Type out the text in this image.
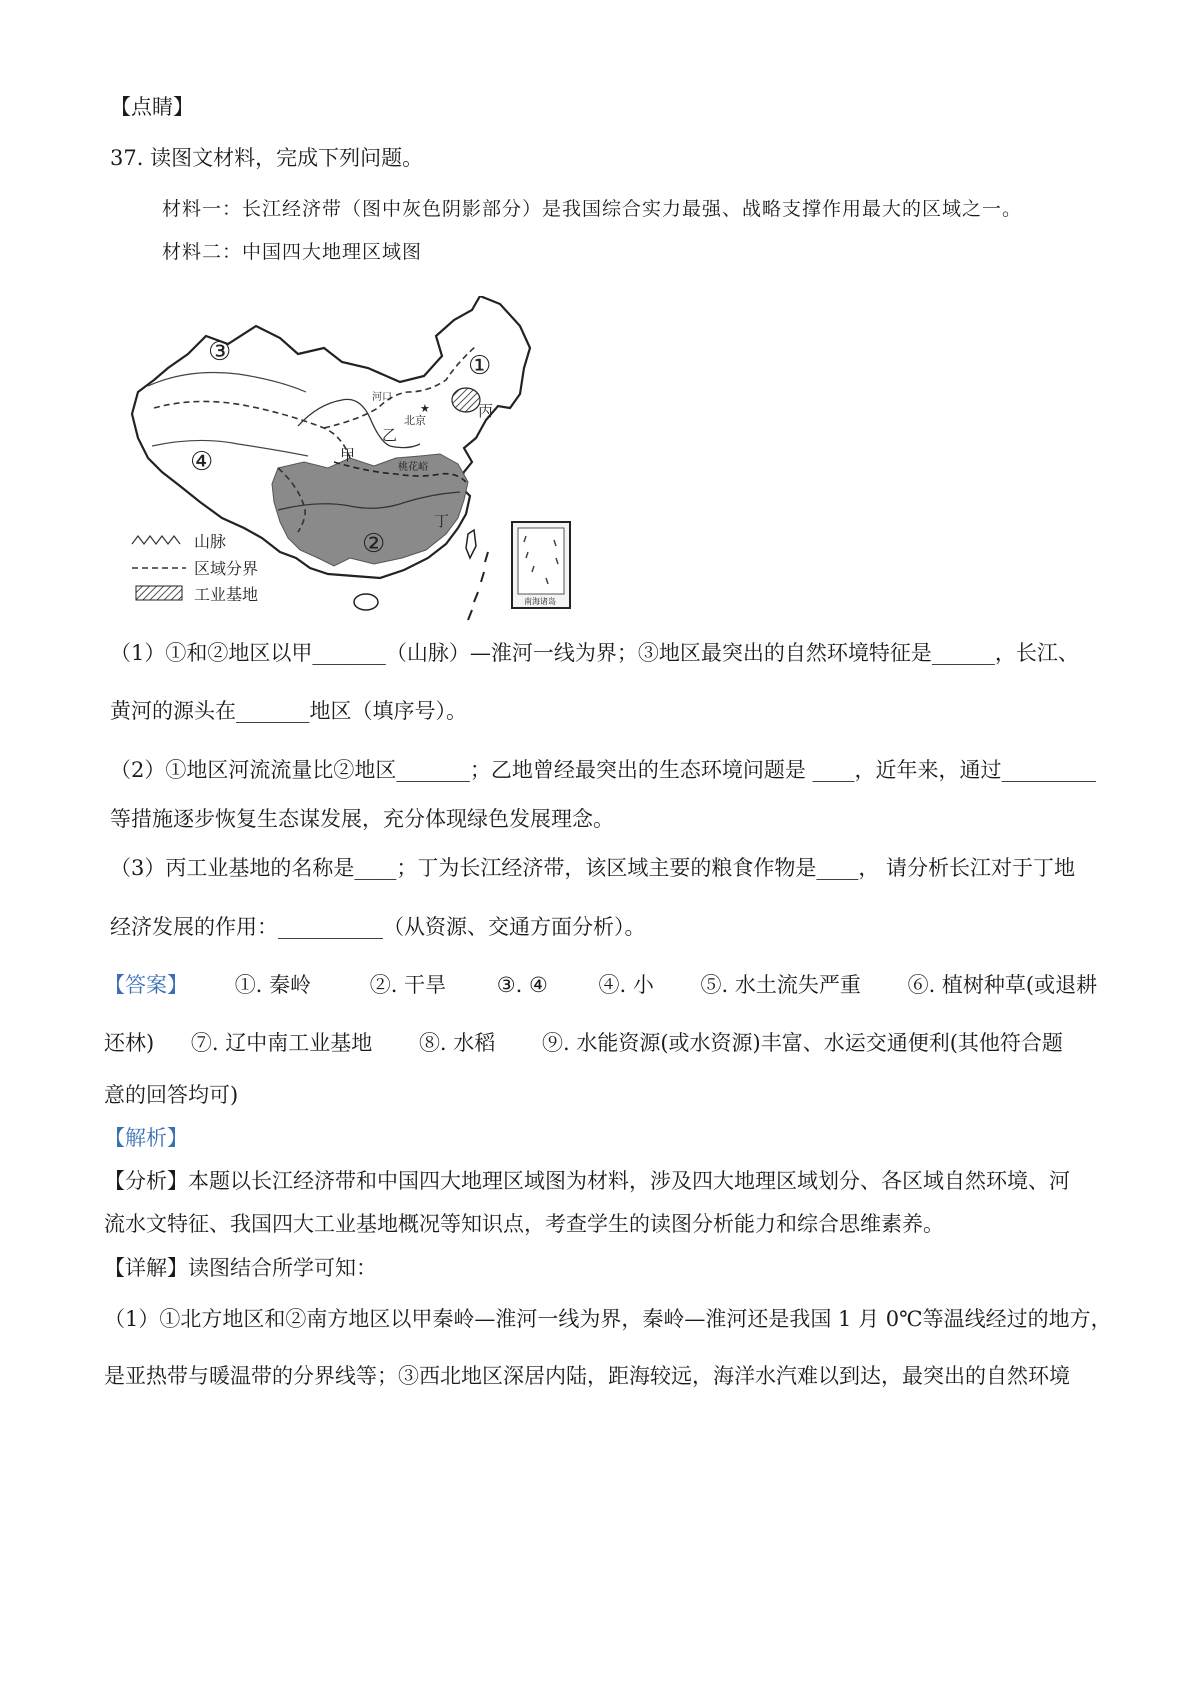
【点睛】
37. 读图文材料，完成下列问题。
材料一：长江经济带（图中灰色阴影部分）是我国综合实力最强、战略支撑作用最大的区域之一。
材料二：中国四大地理区域图
★
①
②
③
④
河口
北京
乙
甲
桃花峪
丁
丙
山脉
区域分界
工业基地	南海诸岛
（1）①和②地区以甲_______（山脉）—淮河一线为界；③地区最突出的自然环境特征是______，长江、
黄河的源头在_______地区（填序号）。
（2）①地区河流流量比②地区_______；乙地曾经最突出的生态环境问题是 ____，近年来，通过_________
等措施逐步恢复生态谋发展，充分体现绿色发展理念。
（3）丙工业基地的名称是____；丁为长江经济带，该区域主要的粮食作物是____， 请分析长江对于丁地
经济发展的作用：__________（从资源、交通方面分析）。
【答案】 ①. 秦岭	②. 干旱 ③. ④ ④. 小 ⑤. 水土流失严重 ⑥. 植树种草(或退耕
还林) ⑦. 辽中南工业基地 ⑧. 水稻 ⑨. 水能资源(或水资源)丰富、水运交通便利(其他符合题
意的回答均可)
【解析】
【分析】本题以长江经济带和中国四大地理区域图为材料，涉及四大地理区域划分、各区域自然环境、河
流水文特征、我国四大工业基地概况等知识点，考查学生的读图分析能力和综合思维素养。
【详解】读图结合所学可知：
（1）①北方地区和②南方地区以甲秦岭—淮河一线为界，秦岭—淮河还是我国 1 月 0℃等温线经过的地方，
是亚热带与暖温带的分界线等；③西北地区深居内陆，距海较远，海洋水汽难以到达，最突出的自然环境
